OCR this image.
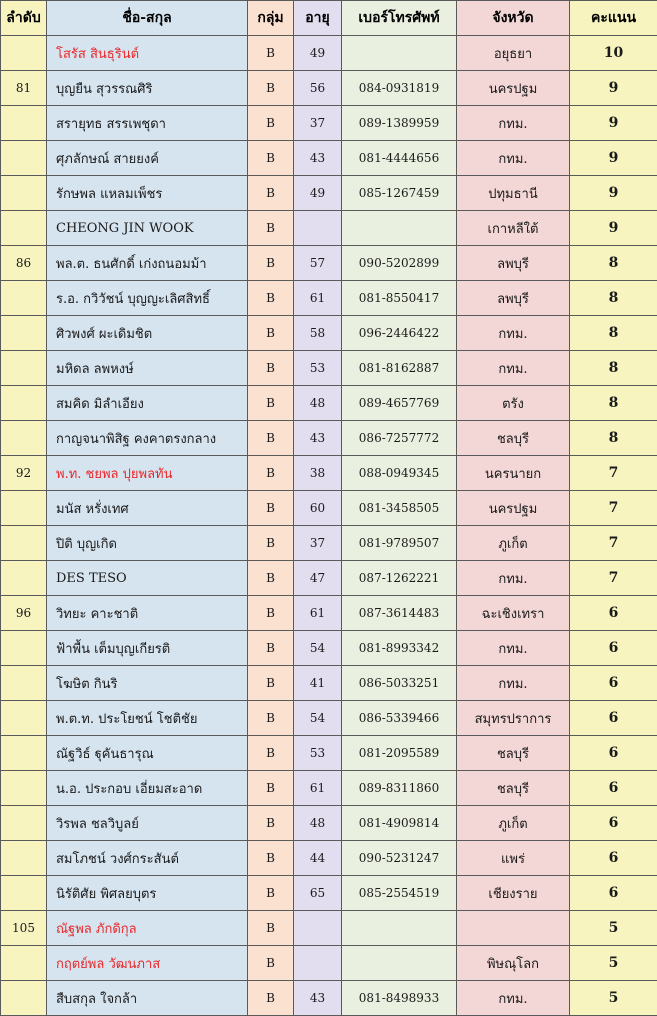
ลำดับ	ชื่อ-สกุล	กลุ่ม	อายุ	เบอร์โทรศัพท์	จังหวัด	คะแนน
	โสรัส สินธุรินต์	B	49		อยุธยา	10
81	บุญยืน สุวรรณศิริ	B	56	084-0931819	นครปฐม	9
	สรายุทธ สรรเพชุดา	B	37	089-1389959	กทม.	9
	ศุภลักษณ์ สายยงค์	B	43	081-4444656	กทม.	9
	รักษพล แหลมเพ็ชร	B	49	085-1267459	ปทุมธานี	9
	CHEONG JIN WOOK	B			เกาหลีใต้	9
86	พล.ต. ธนศักดิ์ เก่งถนอมม้า	B	57	090-5202899	ลพบุรี	8
	ร.อ. กวิวัชน์ บุญญะเลิศสิทธิ์	B	61	081-8550417	ลพบุรี	8
	ศิวพงศ์ ผะเดิมชิต	B	58	096-2446422	กทม.	8
	มหิดล ลพหงษ์	B	53	081-8162887	กทม.	8
	สมคิด มิลำเอียง	B	48	089-4657769	ตรัง	8
	กาญจนาพิสิฐ คงคาตรงกลาง	B	43	086-7257772	ชลบุรี	8
92	พ.ท. ชยพล ปุยพลทัน	B	38	088-0949345	นครนายก	7
	มนัส หรั่งเทศ	B	60	081-3458505	นครปฐม	7
	ปิติ บุญเกิด	B	37	081-9789507	ภูเก็ต	7
	DES TESO	B	47	087-1262221	กทม.	7
96	วิทยะ คาะชาติ	B	61	087-3614483	ฉะเชิงเทรา	6
	ฟ้าพื้น เต็มบุญเกียรติ	B	54	081-8993342	กทม.	6
	โฆษิต กินริ	B	41	086-5033251	กทม.	6
	พ.ต.ท. ประโยชน์ โชติชัย	B	54	086-5339466	สมุทรปราการ	6
	ณัฐวิธ์ ฐุคันธารุณ	B	53	081-2095589	ชลบุรี	6
	น.อ. ประกอบ เอี่ยมสะอาด	B	61	089-8311860	ชลบุรี	6
	วิรพล ชลวิบูลย์	B	48	081-4909814	ภูเก็ต	6
	สมโภชน์ วงศ์กระสันต์	B	44	090-5231247	แพร่	6
	นิรัติศัย พิศลยบุตร	B	65	085-2554519	เชียงราย	6
105	ณัฐพล ภักดิกุล	B				5
	กฤตย์พล วัฒนภาส	B			พิษณุโลก	5
	สืบสกุล ใจกล้า	B	43	081-8498933	กทม.	5
